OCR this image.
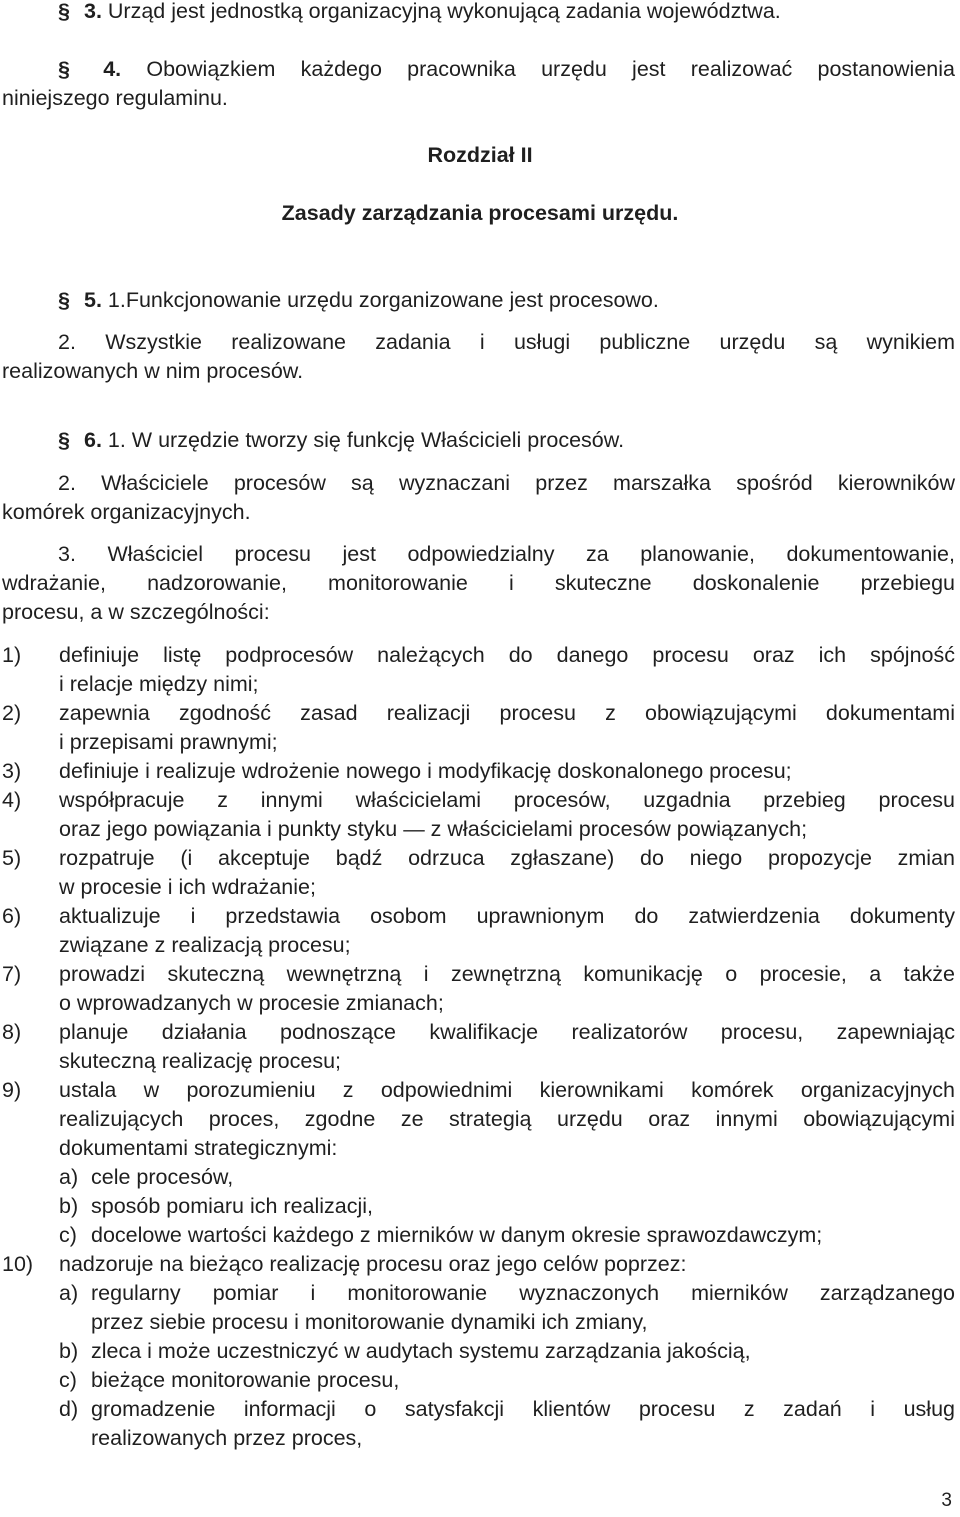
§ 3. Urząd jest jednostką organizacyjną wykonującą zadania województwa.
§ 4. Obowiązkiem każdego pracownika urzędu jest realizować postanowienia
niniejszego regulaminu.
Rozdział II
Zasady zarządzania procesami urzędu.
§ 5. 1.Funkcjonowanie urzędu zorganizowane jest procesowo.
2. Wszystkie realizowane zadania i usługi publiczne urzędu są wynikiem
realizowanych w nim procesów.
§ 6. 1. W urzędzie tworzy się funkcję Właścicieli procesów.
2. Właściciele procesów są wyznaczani przez marszałka spośród kierowników
komórek organizacyjnych.
3. Właściciel procesu jest odpowiedzialny za planowanie, dokumentowanie,
wdrażanie, nadzorowanie, monitorowanie i skuteczne doskonalenie przebiegu
procesu, a w szczególności:
1) definiuje listę podprocesów należących do danego procesu oraz ich spójność
i relacje między nimi;
2) zapewnia zgodność zasad realizacji procesu z obowiązującymi dokumentami
i przepisami prawnymi;
3) definiuje i realizuje wdrożenie nowego i modyfikację doskonalonego procesu;
4) współpracuje z innymi właścicielami procesów, uzgadnia przebieg procesu
oraz jego powiązania i punkty styku — z właścicielami procesów powiązanych;
5) rozpatruje (i akceptuje bądź odrzuca zgłaszane) do niego propozycje zmian
w procesie i ich wdrażanie;
6) aktualizuje i przedstawia osobom uprawnionym do zatwierdzenia dokumenty
związane z realizacją procesu;
7) prowadzi skuteczną wewnętrzną i zewnętrzną komunikację o procesie, a także
o wprowadzanych w procesie zmianach;
8) planuje działania podnoszące kwalifikacje realizatorów procesu, zapewniając
skuteczną realizację procesu;
9) ustala w porozumieniu z odpowiednimi kierownikami komórek organizacyjnych
realizujących proces, zgodne ze strategią urzędu oraz innymi obowiązującymi
dokumentami strategicznymi:
a) cele procesów,
b) sposób pomiaru ich realizacji,
c) docelowe wartości każdego z mierników w danym okresie sprawozdawczym;
10) nadzoruje na bieżąco realizację procesu oraz jego celów poprzez:
a) regularny pomiar i monitorowanie wyznaczonych mierników zarządzanego
przez siebie procesu i monitorowanie dynamiki ich zmiany,
b) zleca i może uczestniczyć w audytach systemu zarządzania jakością,
c) bieżące monitorowanie procesu,
d) gromadzenie informacji o satysfakcji klientów procesu z zadań i usług
realizowanych przez proces,
3
